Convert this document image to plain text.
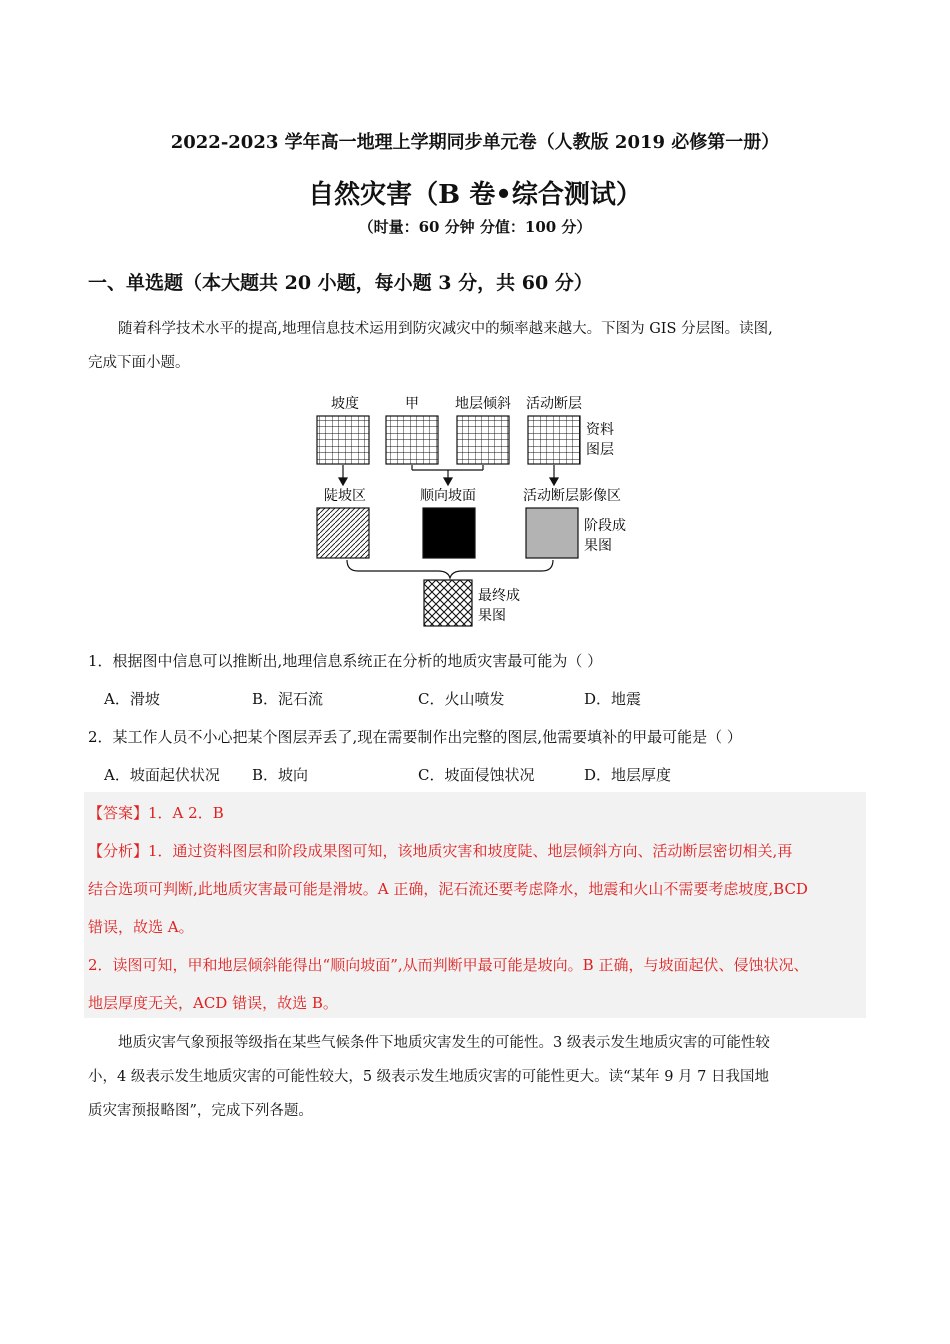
2022-2023 学年高一地理上学期同步单元卷（人教版 2019 必修第一册）
自然灾害（B 卷•综合测试）
（时量：60 分钟 分值：100 分）
一、单选题（本大题共 20 小题，每小题 3 分，共 60 分）
随着科学技术水平的提高,地理信息技术运用到防灾减灾中的频率越来越大。下图为 GIS 分层图。读图,
完成下面小题。
坡度	甲	地层倾斜 活动断层
资料
图层
陡坡区	顺向坡面	活动断层影像区
阶段成
果图
最终成
果图
1．根据图中信息可以推断出,地理信息系统正在分析的地质灾害最可能为（ ）
A．滑坡	B．泥石流	C．火山喷发	D．地震
2．某工作人员不小心把某个图层弄丢了,现在需要制作出完整的图层,他需要填补的甲最可能是（ ）
A．坡面起伏状况 B．坡向	C．坡面侵蚀状况	D．地层厚度
【答案】1．A 2．B
【分析】1．通过资料图层和阶段成果图可知，该地质灾害和坡度陡、地层倾斜方向、活动断层密切相关,再
结合选项可判断,此地质灾害最可能是滑坡。A 正确，泥石流还要考虑降水，地震和火山不需要考虑坡度,BCD
错误，故选 A。
2．读图可知，甲和地层倾斜能得出“顺向坡面”,从而判断甲最可能是坡向。B 正确，与坡面起伏、侵蚀状况、
地层厚度无关，ACD 错误，故选 B。
地质灾害气象预报等级指在某些气候条件下地质灾害发生的可能性。3 级表示发生地质灾害的可能性较
小，4 级表示发生地质灾害的可能性较大，5 级表示发生地质灾害的可能性更大。读“某年 9 月 7 日我国地
质灾害预报略图”，完成下列各题。
